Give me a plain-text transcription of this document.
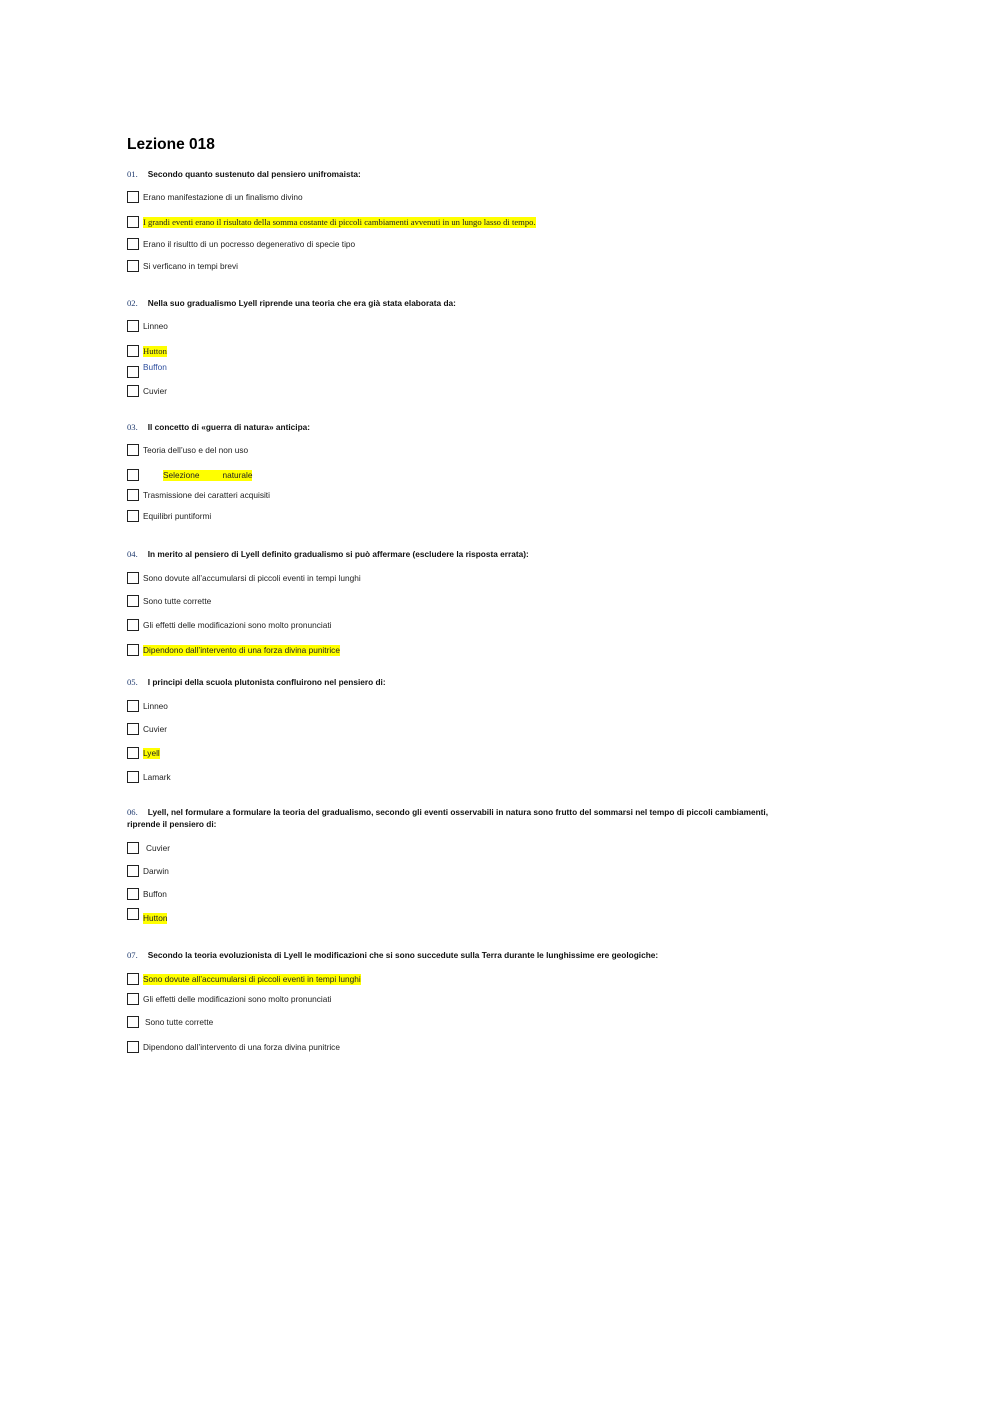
Lezione 018
01. Secondo quanto sustenuto dal pensiero unifromaista:
Erano manifestazione di un finalismo divino
I grandi eventi erano il risultato della somma costante di piccoli cambiamenti avvenuti in un lungo lasso di tempo.
Erano il risultto di un pocresso degenerativo di specie tipo
Si verficano in tempi brevi
02. Nella suo gradualismo Lyell riprende una teoria che era già stata elaborata da:
Linneo
Hutton
Buffon
Cuvier
03. Il concetto di «guerra di natura» anticipa:
Teoria dell’uso e del non uso
Selezione          naturale
Trasmissione dei caratteri acquisiti
Equilibri puntiformi
04. In merito al pensiero di Lyell definito gradualismo si può affermare (escludere la risposta errata):
Sono dovute all’accumularsi di piccoli eventi in tempi lunghi
Sono tutte corrette
Gli effetti delle modificazioni sono molto pronunciati
Dipendono dall’intervento di una forza divina punitrice
05. I principi della scuola plutonista confluirono nel pensiero di:
Linneo
Cuvier
Lyell
Lamark
06. Lyell, nel formulare a formulare la teoria del gradualismo, secondo gli eventi osservabili in natura sono frutto del sommarsi nel tempo di piccoli cambiamenti, riprende il pensiero di:
Cuvier
Darwin
Buffon
Hutton
07. Secondo la teoria evoluzionista di Lyell le modificazioni che si sono succedute sulla Terra durante le lunghissime ere geologiche:
Sono dovute all’accumularsi di piccoli eventi in tempi lunghi
Gli effetti delle modificazioni sono molto pronunciati
Sono tutte corrette
Dipendono dall’intervento di una forza divina punitrice
